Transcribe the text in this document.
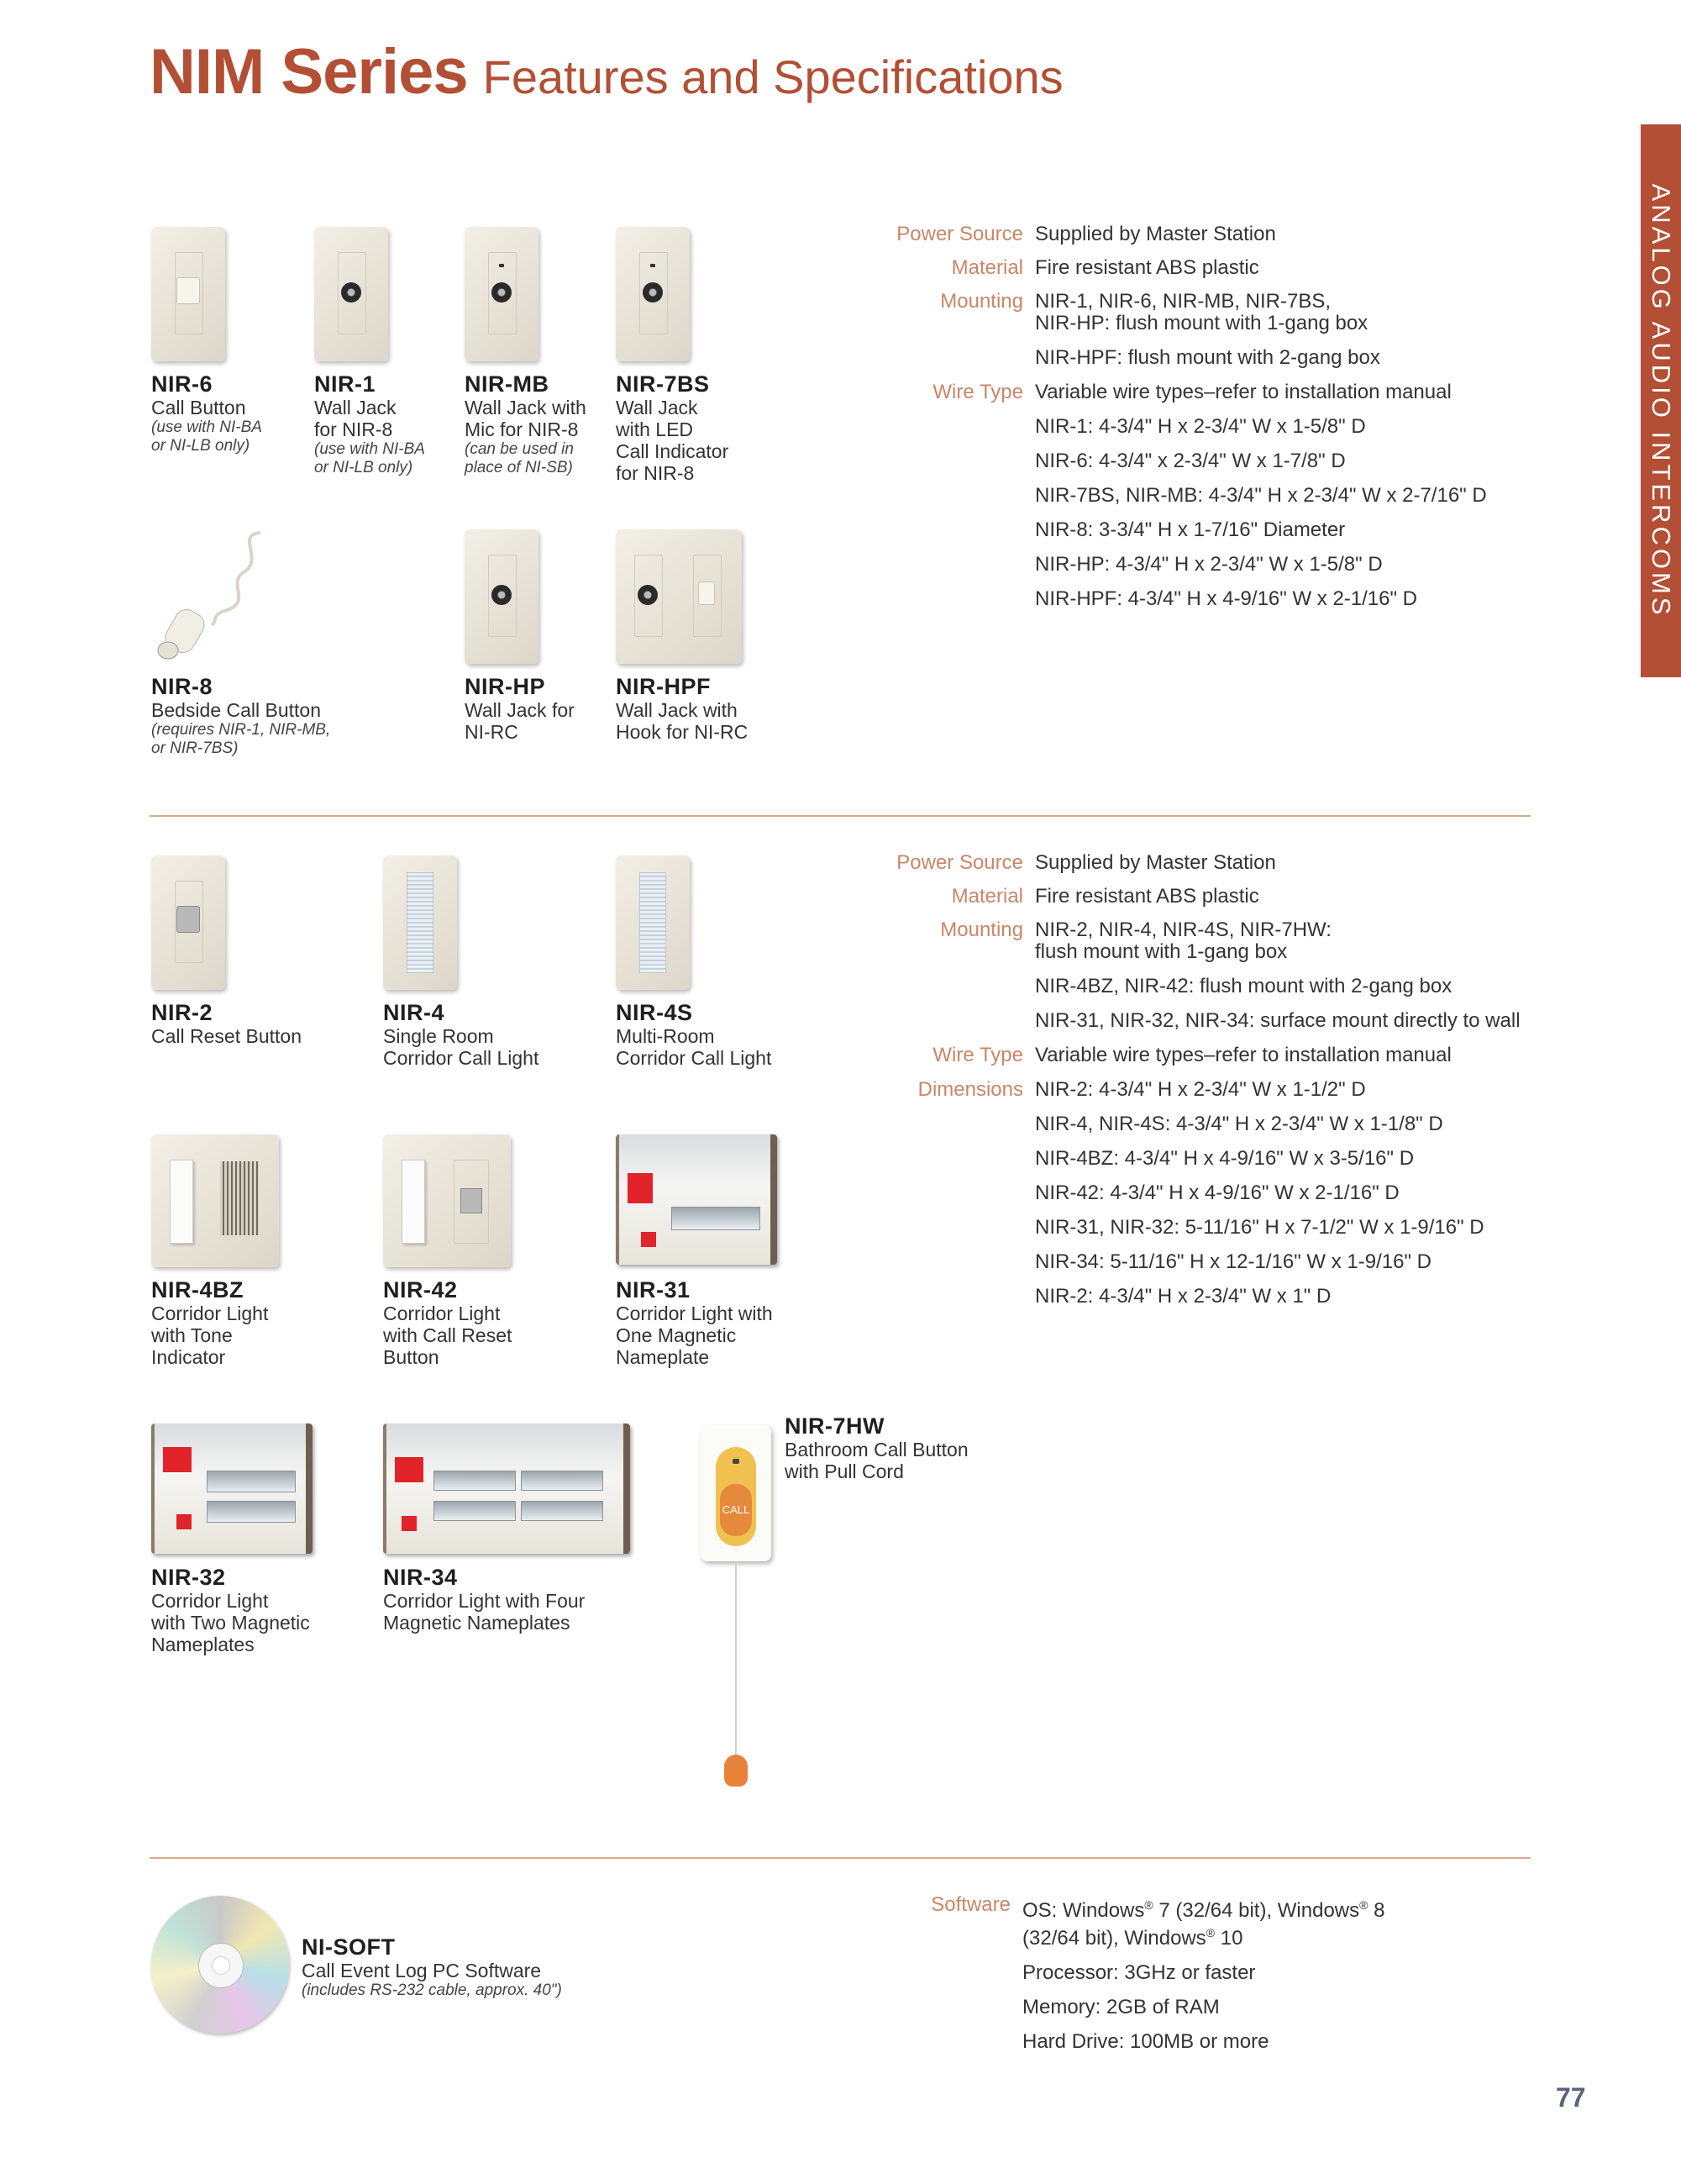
NIM Series Features and Specifications
ANALOG AUDIO INTERCOMS
NIR-6
Call Button
(use with NI-BA
or NI-LB only)
NIR-1
Wall Jack
for NIR-8
(use with NI-BA
or NI-LB only)
NIR-MB
Wall Jack with
Mic for NIR-8
(can be used in
place of NI-SB)
NIR-7BS
Wall Jack
with LED
Call Indicator
for NIR-8
NIR-8
Bedside Call Button
(requires NIR-1, NIR-MB,
or NIR-7BS)
NIR-HP
Wall Jack for
NI-RC
NIR-HPF
Wall Jack with
Hook for NI-RC
Power Source Supplied by Master Station
Material Fire resistant ABS plastic
Mounting NIR-1, NIR-6, NIR-MB, NIR-7BS,
NIR-HP: flush mount with 1-gang box
NIR-HPF: flush mount with 2-gang box
Wire Type Variable wire types–refer to installation manual
NIR-1: 4-3/4" H x 2-3/4" W x 1-5/8" D
NIR-6: 4-3/4" x 2-3/4" W x 1-7/8" D
NIR-7BS, NIR-MB: 4-3/4" H x 2-3/4" W x 2-7/16" D
NIR-8: 3-3/4" H x 1-7/16" Diameter
NIR-HP: 4-3/4" H x 2-3/4" W x 1-5/8" D
NIR-HPF: 4-3/4" H x 4-9/16" W x 2-1/16" D
NIR-2
Call Reset Button
NIR-4
Single Room
Corridor Call Light
NIR-4S
Multi-Room
Corridor Call Light
NIR-4BZ
Corridor Light
with Tone
Indicator
NIR-42
Corridor Light
with Call Reset
Button
NIR-31
Corridor Light with
One Magnetic
Nameplate
CALL
NIR-32
Corridor Light
with Two Magnetic
Nameplates
NIR-34
Corridor Light with Four
Magnetic Nameplates
NIR-7HW
Bathroom Call Button
with Pull Cord
Power Source Supplied by Master Station
Material Fire resistant ABS plastic
Mounting NIR-2, NIR-4, NIR-4S, NIR-7HW:
flush mount with 1-gang box
NIR-4BZ, NIR-42: flush mount with 2-gang box
NIR-31, NIR-32, NIR-34: surface mount directly to wall
Wire Type Variable wire types–refer to installation manual
Dimensions NIR-2: 4-3/4" H x 2-3/4" W x 1-1/2" D
NIR-4, NIR-4S: 4-3/4" H x 2-3/4" W x 1-1/8" D
NIR-4BZ: 4-3/4" H x 4-9/16" W x 3-5/16" D
NIR-42: 4-3/4" H x 4-9/16" W x 2-1/16" D
NIR-31, NIR-32: 5-11/16" H x 7-1/2" W x 1-9/16" D
NIR-34: 5-11/16" H x 12-1/16" W x 1-9/16" D
NIR-2: 4-3/4" H x 2-3/4" W x 1" D
NI-SOFT
Call Event Log PC Software
(includes RS-232 cable, approx. 40")
Software OS: Windows® 7 (32/64 bit), Windows® 8
(32/64 bit), Windows® 10
Processor: 3GHz or faster
Memory: 2GB of RAM
Hard Drive: 100MB or more
77
